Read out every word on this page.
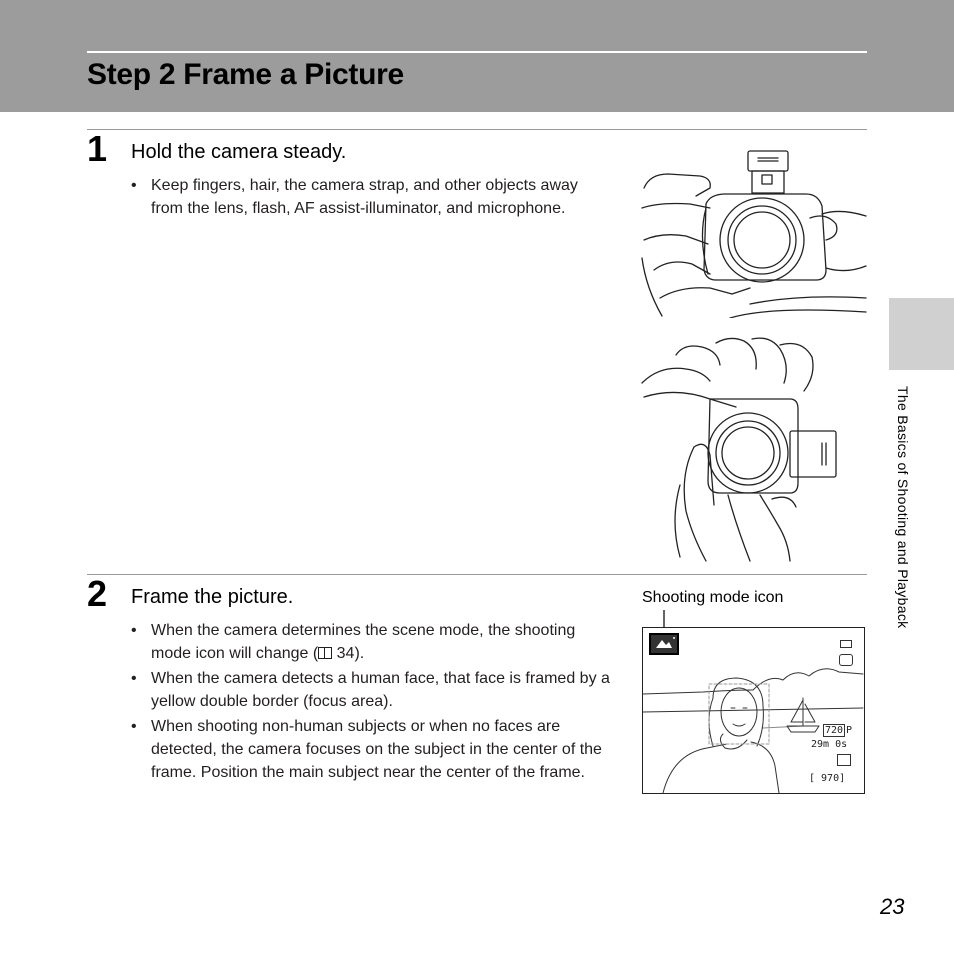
Step 2 Frame a Picture
1 Hold the camera steady.
• Keep fingers, hair, the camera strap, and other objects away from the lens, flash, AF assist-illuminator, and microphone.
The Basics of Shooting and Playback
2 Frame the picture.
• When the camera determines the scene mode, the shooting mode icon will change ( 34).
• When the camera detects a human face, that face is framed by a yellow double border (focus area).
• When shooting non-human subjects or when no faces are detected, the camera focuses on the subject in the center of the frame. Position the main subject near the center of the frame.
Shooting mode icon
720 P
29m 0s
[ 970]
23
